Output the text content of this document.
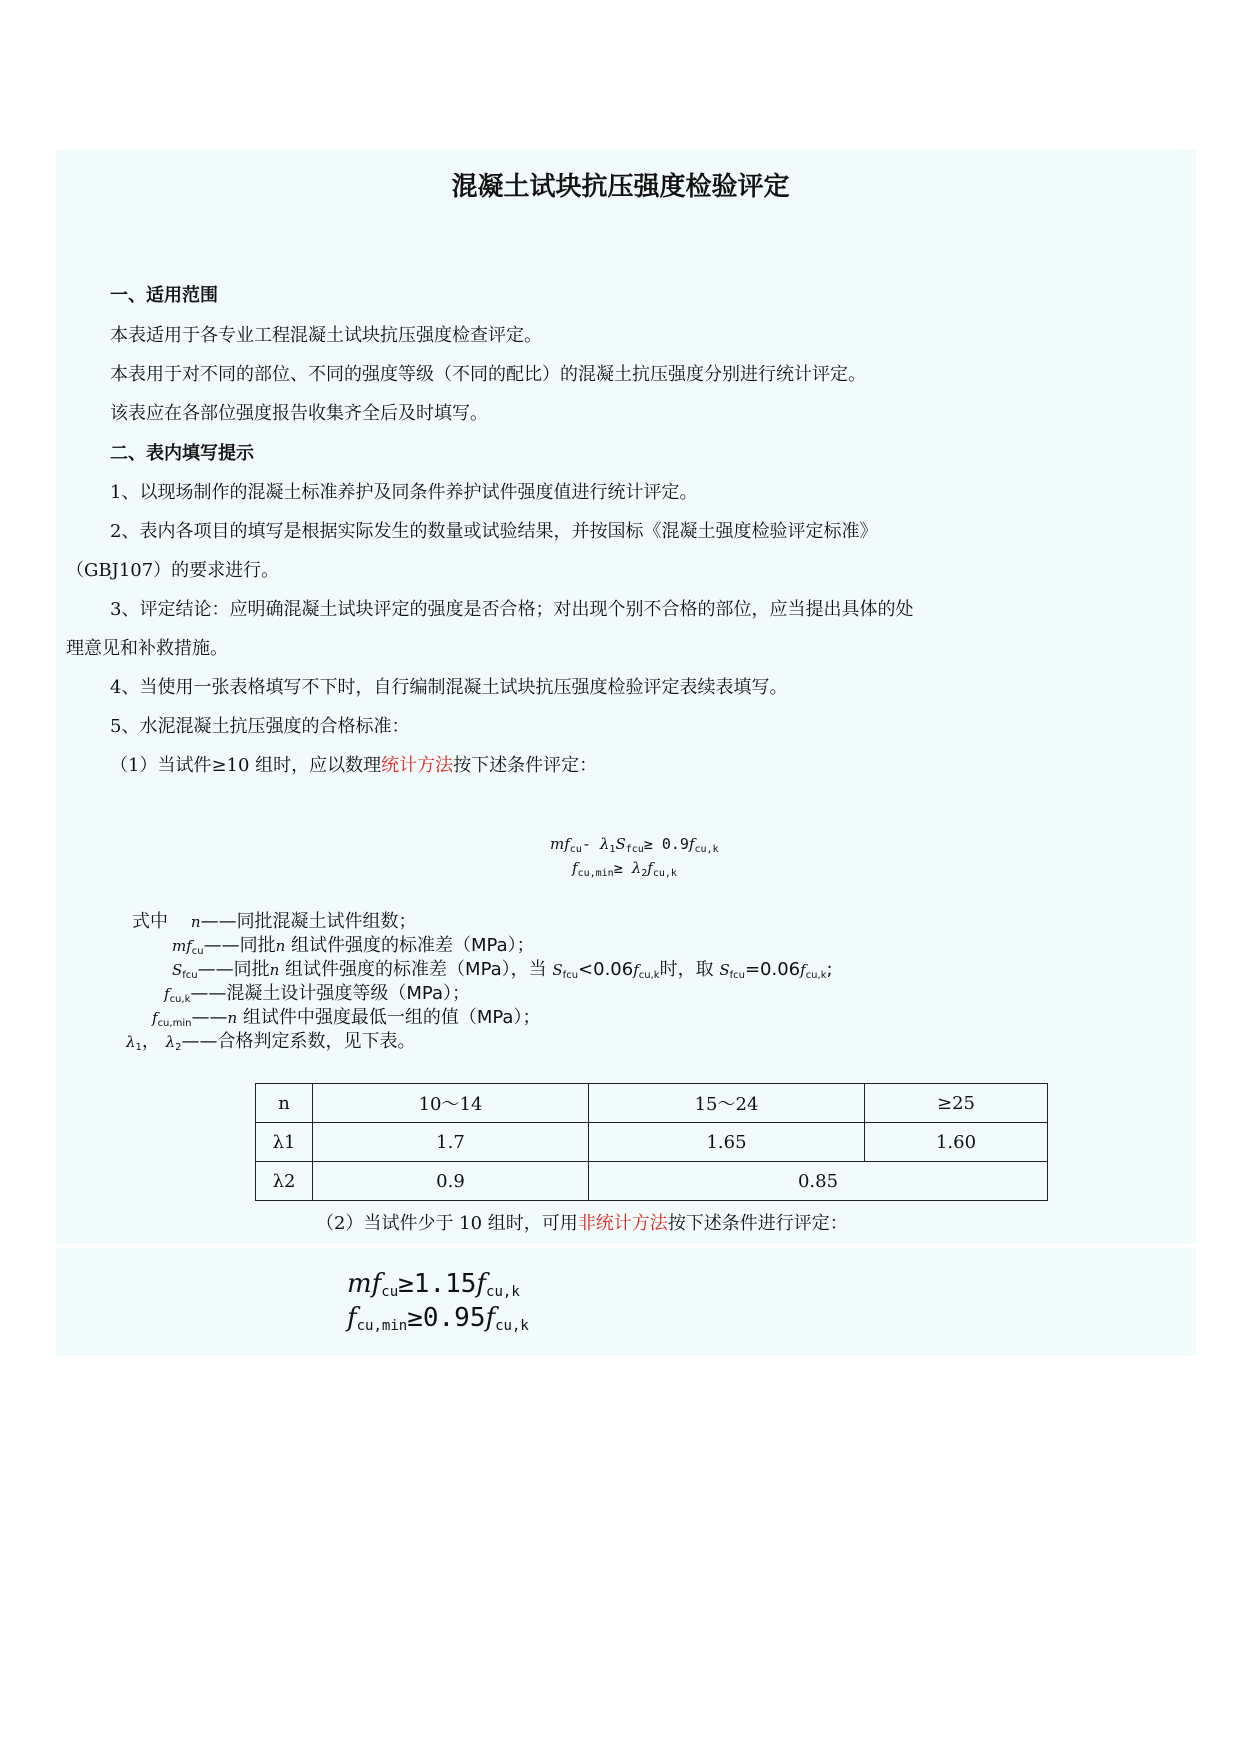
混凝土试块抗压强度检验评定
一、适用范围
本表适用于各专业工程混凝土试块抗压强度检查评定。
本表用于对不同的部位、不同的强度等级（不同的配比）的混凝土抗压强度分别进行统计评定。
该表应在各部位强度报告收集齐全后及时填写。
二、表内填写提示
1、以现场制作的混凝土标准养护及同条件养护试件强度值进行统计评定。
2、表内各项目的填写是根据实际发生的数量或试验结果，并按国标《混凝土强度检验评定标准》
（GBJ107）的要求进行。
3、评定结论：应明确混凝土试块评定的强度是否合格；对出现个别不合格的部位，应当提出具体的处
理意见和补救措施。
4、当使用一张表格填写不下时，自行编制混凝土试块抗压强度检验评定表续表填写。
5、水泥混凝土抗压强度的合格标准：
（1）当试件≥10 组时，应以数理统计方法按下述条件评定：
$mf_{cu}-$ $\lambda_1S_{fcu}\ge 0.9f_{cu,k}$
$f_{cu,min}\ge \lambda_2f_{cu,k}$
式中 n——同批混凝土试件组数；
$mf_{cu}——$同批n 组试件强度的标准差（MPa）；
$S_{fcu}——$同批n 组试件强度的标准差（MPa），当 $S_{fcu}<0.06f_{cu,k}$时，取 $S_{fcu}=0.06f_{cu,k}$;
$f_{cu,k}——$混凝土设计强度等级（MPa）；
$f_{cu,min}——n$ 组试件中强度最低一组的值（MPa）；
$\lambda_1$， $\lambda_2——$合格判定系数，见下表。
n	10～14	15～24	≥25
λ1	1.7	1.65	1.60
λ2	0.9	0.85	
（2）当试件少于 10 组时，可用非统计方法按下述条件进行评定：
$mf_{cu}\ge 1.15f_{cu,k}$
$f_{cu,min}\ge 0.95f_{cu,k}$
